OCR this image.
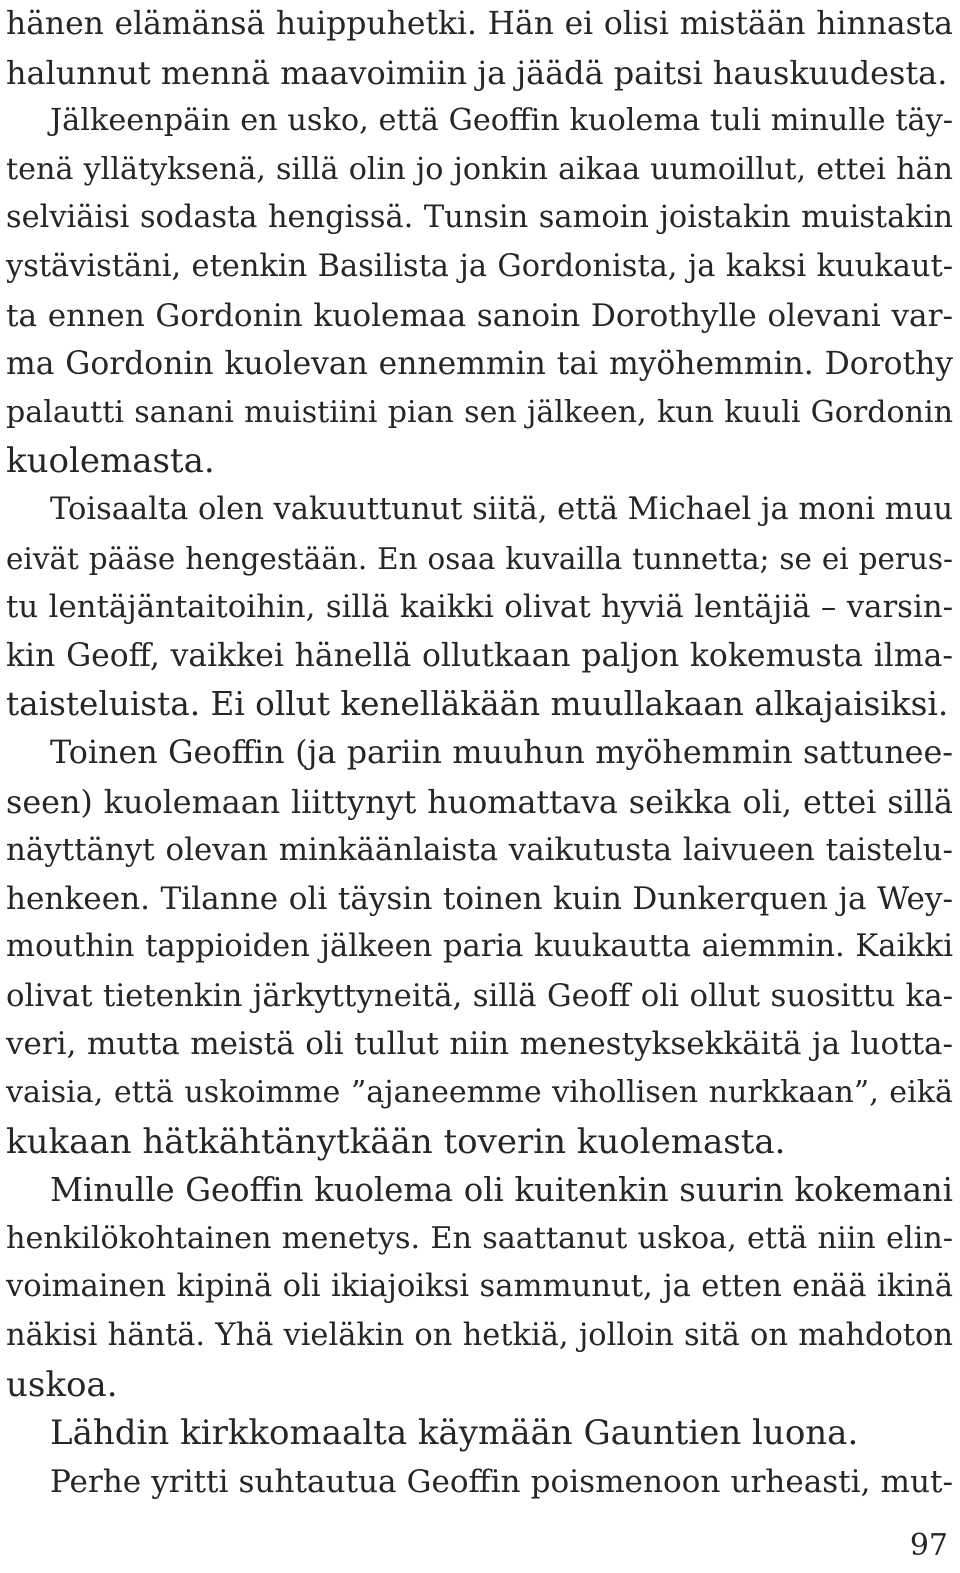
hänen elämänsä huippuhetki. Hän ei olisi mistään hinnasta
halunnut mennä maavoimiin ja jäädä paitsi hauskuudesta.

Jälkeenpäin en usko, että Geoffin kuolema tuli minulle täy-
tenä yllätyksenä, sillä olin jo jonkin aikaa uumoillut, ettei hän
selviäisi sodasta hengissä. Tunsin samoin joistakin muistakin
ystävistäni, etenkin Basilista ja Gordonista, ja kaksi kuukaut-
ta ennen Gordonin kuolemaa sanoin Dorothylle olevani var-
ma Gordonin kuolevan ennemmin tai myöhemmin. Dorothy
palautti sanani muistiini pian sen jälkeen, kun kuuli Gordonin
kuolemasta.

Toisaalta olen vakuuttunut siitä, että Michael ja moni muu
eivät pääse hengestään. En osaa kuvailla tunnetta; se ei perus-
tu lentäjäntaitoihin, sillä kaikki olivat hyviä lentäjiä – varsin-
kin Geoff, vaikkei hänellä ollutkaan paljon kokemusta ilma-
taisteluista. Ei ollut kenelläkään muullakaan alkajaisiksi.

Toinen Geoffin (ja pariin muuhun myöhemmin sattunee-
seen) kuolemaan liittynyt huomattava seikka oli, ettei sillä
näyttänyt olevan minkäänlaista vaikutusta laivueen taistelu-
henkeen. Tilanne oli täysin toinen kuin Dunkerquen ja Wey-
mouthin tappioiden jälkeen paria kuukautta aiemmin. Kaikki
olivat tietenkin järkyttyneitä, sillä Geoff oli ollut suosittu ka-
veri, mutta meistä oli tullut niin menestyksekkäitä ja luotta-
vaisia, että uskoimme ”ajaneemme vihollisen nurkkaan”, eikä
kukaan hätkähtänytkään toverin kuolemasta.

Minulle Geoffin kuolema oli kuitenkin suurin kokemani
henkilökohtainen menetys. En saattanut uskoa, että niin elin-
voimainen kipinä oli ikiajoiksi sammunut, ja etten enää ikinä
näkisi häntä. Yhä vieläkin on hetkiä, jolloin sitä on mahdoton
uskoa.

Lähdin kirkkomaalta käymään Gauntien luona.

Perhe yritti suhtautua Geoffin poismenoon urheasti, mut-

97
